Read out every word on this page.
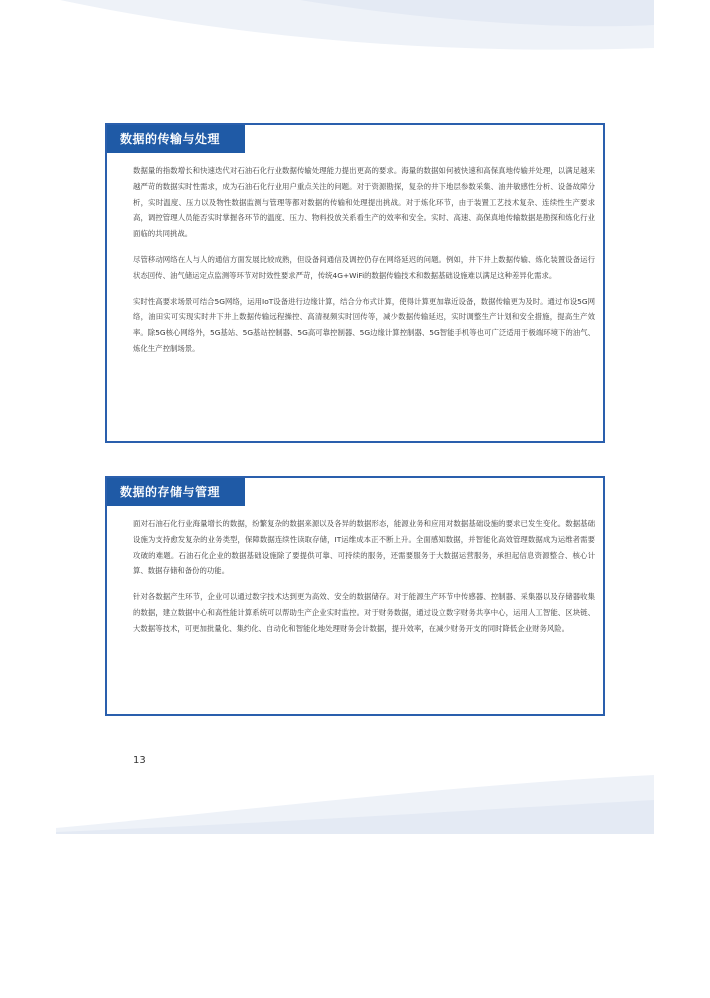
数据的传输与处理

数据量的指数增长和快速迭代对石油石化行业数据传输处理能力提出更高的要求。海量的数据如何被快速和高保真地传输并处理，以满足越来越严苛的数据实时性需求，成为石油石化行业用户重点关注的问题。对于资源勘探，复杂的井下地层参数采集、油井敏感性分析、设备故障分析，实时温度、压力以及物性数据监测与管理等都对数据的传输和处理提出挑战。对于炼化环节，由于装置工艺技术复杂、连续性生产要求高，调控管理人员能否实时掌握各环节的温度、压力、物料投放关系看生产的效率和安全。实时、高速、高保真地传输数据是勘探和炼化行业面临的共同挑战。

尽管移动网络在人与人的通信方面发展比较成熟，但设备间通信及调控仍存在网络延迟的问题。例如，井下井上数据传输、炼化装置设备运行状态回传、油气储运定点监测等环节对时效性要求严苛，传统4G+WiFi的数据传输技术和数据基础设施难以满足这种差异化需求。

实时性高要求场景可结合5G网络，运用IoT设备进行边缘计算，结合分布式计算，使得计算更加靠近设备，数据传输更为及时。通过布设5G网络，油田实可实现实时井下井上数据传输远程操控、高清视频实时回传等，减少数据传输延迟，实时调整生产计划和安全措施，提高生产效率。除5G核心网络外，5G基站、5G基站控制器、5G高可靠控制器、5G边缘计算控制器、5G智能手机等也可广泛适用于极端环境下的油气、炼化生产控制场景。

数据的存储与管理

面对石油石化行业海量增长的数据，纷繁复杂的数据来源以及各异的数据形态，能源业务和应用对数据基础设施的要求已发生变化。数据基础设施为支持愈发复杂的业务类型，保障数据连续性读取存储，IT运维成本正不断上升。全面感知数据，并智能化高效管理数据成为运维者需要攻破的难题。石油石化企业的数据基础设施除了要提供可靠、可持续的服务，还需要服务于大数据运营服务，承担起信息资源整合、核心计算、数据存储和备份的功能。

针对各数据产生环节，企业可以通过数字技术达到更为高效、安全的数据储存。对于能源生产环节中传感器、控制器、采集器以及存储器收集的数据，建立数据中心和高性能计算系统可以帮助生产企业实时监控。对于财务数据，通过设立数字财务共享中心，运用人工智能、区块链、大数据等技术，可更加批量化、集约化、自动化和智能化地处理财务会计数据，提升效率，在减少财务开支的同时降低企业财务风险。

13
